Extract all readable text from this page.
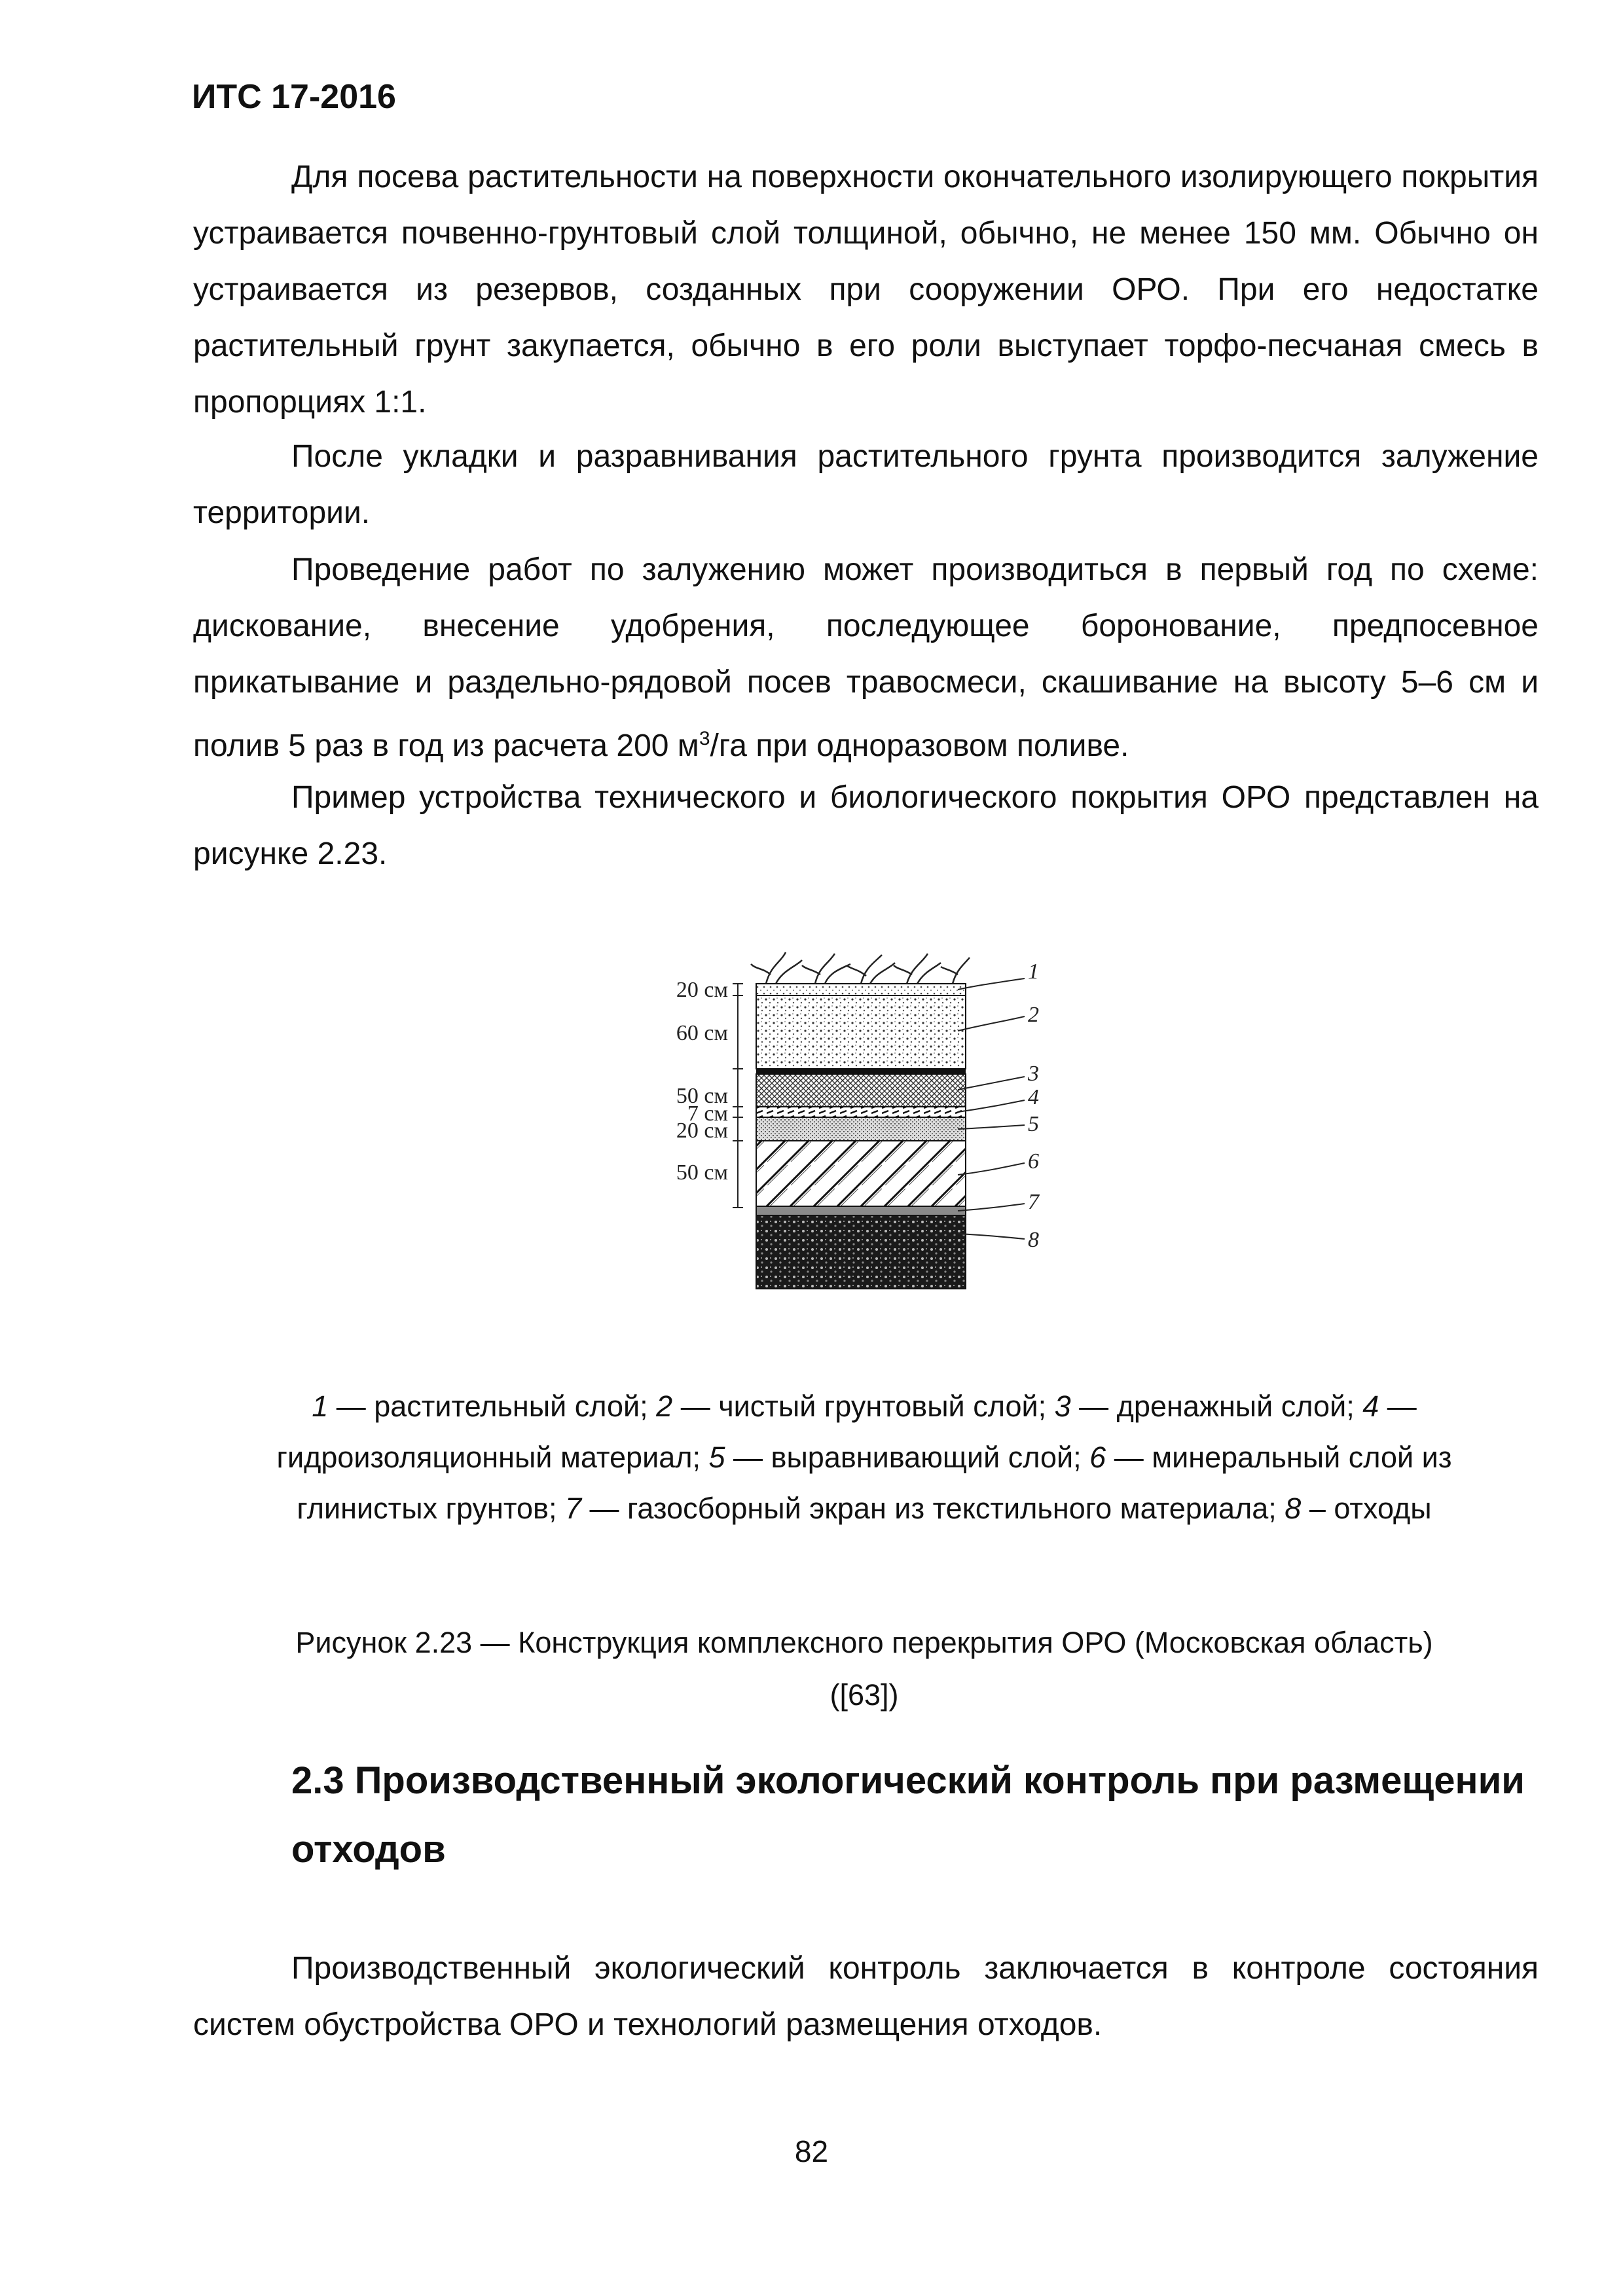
ИТС 17-2016

Для посева растительности на поверхности окончательного изолирующего покрытия устраивается почвенно-грунтовый слой толщиной, обычно, не менее 150 мм. Обычно он устраивается из резервов, созданных при сооружении ОРО. При его недостатке растительный грунт закупается, обычно в его роли выступает торфо-песчаная смесь в пропорциях 1:1.

После укладки и разравнивания растительного грунта производится залужение территории.

Проведение работ по залужению может производиться в первый год по схеме: дискование, внесение удобрения, последующее боронование, предпосевное прикатывание и раздельно-рядовой посев травосмеси, скашивание на высоту 5–6 см и полив 5 раз в год из расчета 200 $м^3/га$ при одноразовом поливе.

Пример устройства технического и биологического покрытия ОРО представлен на рисунке 2.23.

20 см
60 см
50 см
7 см
20 см
50 см
1
2
3
4
5
6
7
8
1 — растительный слой; 2 — чистый грунтовый слой; 3 — дренажный слой; 4 — гидроизоляционный материал; 5 — выравнивающий слой; 6 — минеральный слой из глинистых грунтов; 7 — газосборный экран из текстильного материала; 8 – отходы
Рисунок 2.23 — Конструкция комплексного перекрытия ОРО (Московская область)
([63])
2.3 Производственный экологический контроль при размещении отходов

Производственный экологический контроль заключается в контроле состояния систем обустройства ОРО и технологий размещения отходов.

82
